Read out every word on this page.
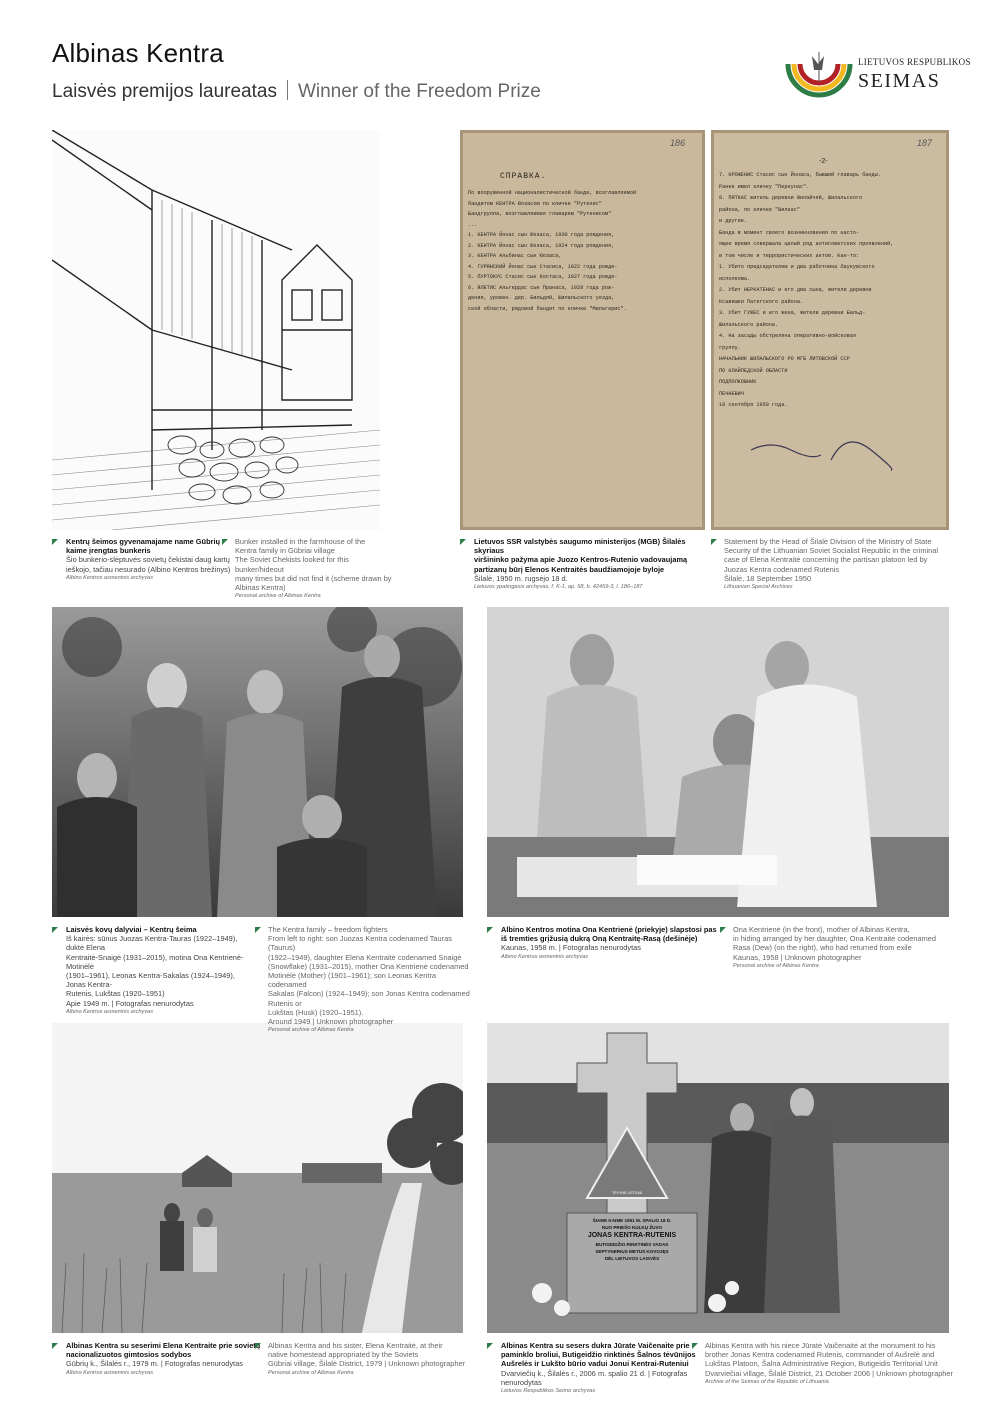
Albinas Kentra
Laisvės premijos laureatas Winner of the Freedom Prize
LIETUVOS RESPUBLIKOS
SEIMAS
СПРАВКА.
186
По вооруженной националистической банде, возглавляемой
бандитом КЕНТРА Юозасом по кличке "Рутенис"
Бандгруппа, возглавляемая главарем "Рутенисом"
...
1. КЕНТРА Йонас сын Юозаса, 1930 года рождения,
2. КЕНТРА Йонас сын Юозаса, 1924 года рождения,
3. КЕНТРА Альбинас сын Юозаса,
4. ГУРЯНСКИЙ Йонас сын Стасиса, 1922 года рожде-
5. ПУРТОКУС Стасис сын Костаса, 1927 года рожде-
6. ЯЛЕТИС Альгердас сын Пранаса, 1928 года рож-
дения, урожен. дер. Бильдяй, Шилальского уезда,
ской области, рядовой бандит по кличке "Милагерис".
-2-
187
7. КРОЖЕНИС Стасис сын Йонаса, бывший главарь банды.
Ранее имел кличку "Перкунас".
8. ПЯТКАС житель деревни Жилайчяй, Шилальского
района, по кличке "Вилкас"
и другие.
Банда в момент своего возникновения по насто-
ящее время совершала целый ряд антисоветских проявлений,
в том числе и террористических актов. Как-то:
1. Убито председателем и два работника Лаукувского
исполкома.
2. Убит НЕРКАТЕНАС и его два сына, жители деревни
Ксавишки Пагегского района.
3. Убит ГУЖЕС и его жена, жители деревни Бальд-
Шилальского района.
4. На засады обстреляна оперативно-войсковая
группу.
НАЧАЛЬНИК ШИЛАЛЬСКОГО РО МГБ ЛИТОВСКОЙ ССР
ПО КЛАЙПЕДСКОЙ ОБЛАСТИ
ПОДПОЛКОВНИК
ПЕЧНЕВИЧ
18 сентября 1950 года.
ŠIAME KAIME 1951 M. SPALIO 18 D.
NUO PRIEŠO KULKŲ ŽUVO
JONAS KENTRA-RUTENIS
BUTIGEIDŽIO RINKTINĖS VADAS
SEPTYNERIUS METUS KOVOJĘS
DĖL LIETUVOS LAISVĖS
TĖVYNĖ LIETUVA
Kentrų šeimos gyvenamajame name Gūbrių
kaime įrengtas bunkeris
Šio bunkerio-slėptuvės sovietų čekistai daug kartų
ieškojo, tačiau nesurado (Albino Kentros brėžinys)
Albino Kentros asmeninis archyvas
Bunker installed in the farmhouse of the
Kentra family in Gūbriai village
The Soviet Chekists looked for this bunker/hideout
many times but did not find it (scheme drawn by
Albinas Kentra)
Personal archive of Albinas Kentra
Lietuvos SSR valstybės saugumo ministerijos (MGB) Šilalės skyriaus
viršininko pažyma apie Juozo Kentros-Rutenio vadovaujamą
partizanų būrį Elenos Kentraitės baudžiamojoje byloje
Šilalė, 1950 m. rugsėjo 18 d.
Lietuvos ypatingasis archyvas, f. K-1, ap. 58, b. 42459-3, l. 186–187
Statement by the Head of Šilalė Division of the Ministry of State
Security of the Lithuanian Soviet Socialist Republic in the criminal
case of Elena Kentraitė concerning the partisan platoon led by
Juozas Kentra codenamed Rutenis
Šilalė, 18 September 1950
Lithuanian Special Archives
Laisvės kovų dalyviai – Kentrų šeima
Iš kairės: sūnus Juozas Kentra-Tauras (1922–1949), duktė Elena
Kentraitė-Snaigė (1931–2015), motina Ona Kentrienė-Motinėlė
(1901–1961), Leonas Kentra-Sakalas (1924–1949), Jonas Kentra-
Rutenis, Lukštas (1920–1951)
Apie 1949 m. | Fotografas nenurodytas
Albino Kentros asmeninis archyvas
The Kentra family – freedom fighters
From left to right: son Juozas Kentra codenamed Tauras (Taurus)
(1922–1949), daughter Elena Kentraitė codenamed Snaigė
(Snowflake) (1931–2015), mother Ona Kentrienė codenamed
Motinėlė (Mother) (1901–1961); son Leonas Kentra codenamed
Sakalas (Falcon) (1924–1949); son Jonas Kentra codenamed Rutenis or
Lukštas (Husk) (1920–1951).
Around 1949 | Unknown photographer
Personal archive of Albinas Kentra
Albino Kentros motina Ona Kentrienė (priekyje) slapstosi pas
iš tremties grįžusią dukrą Oną Kentraitę-Rasą (dešinėje)
Kaunas, 1958 m. | Fotografas nenurodytas
Albino Kentros asmeninis archyvas
Ona Kentrienė (in the front), mother of Albinas Kentra,
in hiding arranged by her daughter, Ona Kentraitė codenamed
Rasa (Dew) (on the right), who had returned from exile
Kaunas, 1958 | Unknown photographer
Personal archive of Albinas Kentra
Albinas Kentra su seserimi Elena Kentraite prie sovietų
nacionalizuotos gimtosios sodybos
Gūbrių k., Šilalės r., 1979 m. | Fotografas nenurodytas
Albino Kentros asmeninis archyvas
Albinas Kentra and his sister, Elena Kentraitė, at their
native homestead appropriated by the Soviets
Gūbriai village, Šilalė District, 1979 | Unknown photographer
Personal archive of Albinas Kentra
Albinas Kentra su sesers dukra Jūrate Vaičenaite prie
paminklo broliui, Butigeidžio rinktinės Šalnos tėvūnijos
Aušrelės ir Lukšto būrio vadui Jonui Kentrai-Ruteniui
Dvarviečių k., Šilalės r., 2006 m. spalio 21 d. | Fotografas nenurodytas
Lietuvos Respublikos Seimo archyvas
Albinas Kentra with his niece Jūratė Vaičenaitė at the monument to his
brother Jonas Kentra codenamed Rutenis, commander of Aušrelė and
Lukštas Platoon, Šalna Administrative Region, Butigeidis Territorial Unit
Dvarviečiai village, Šilalė District, 21 October 2006 | Unknown photographer
Archive of the Seimas of the Republic of Lithuania
